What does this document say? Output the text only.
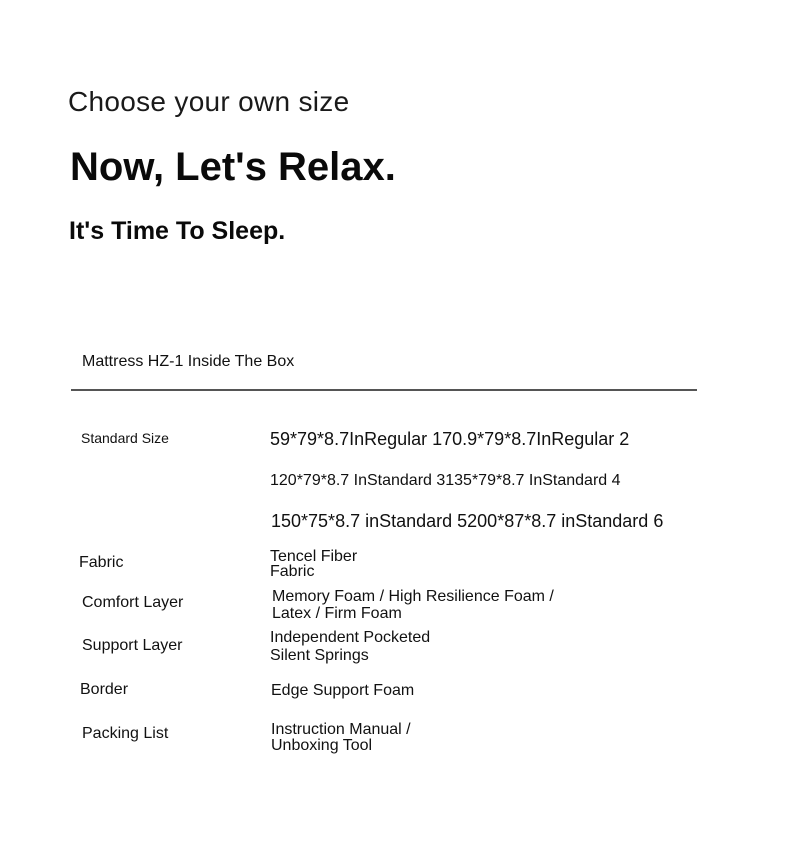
Choose your own size
Now, Let's Relax.
It's Time To Sleep.
Mattress HZ-1 Inside The Box
Standard Size	59*79*8.7InRegular 170.9*79*8.7InRegular 2
120*79*8.7 InStandard 3135*79*8.7 InStandard 4
150*75*8.7 inStandard 5200*87*8.7 inStandard 6
Fabric	Tencel Fiber
Fabric
Comfort Layer	Memory Foam / High Resilience Foam /
Latex / Firm Foam
Support Layer	Independent Pocketed
Silent Springs
Border	Edge Support Foam
Packing List	Instruction Manual /
Unboxing Tool
